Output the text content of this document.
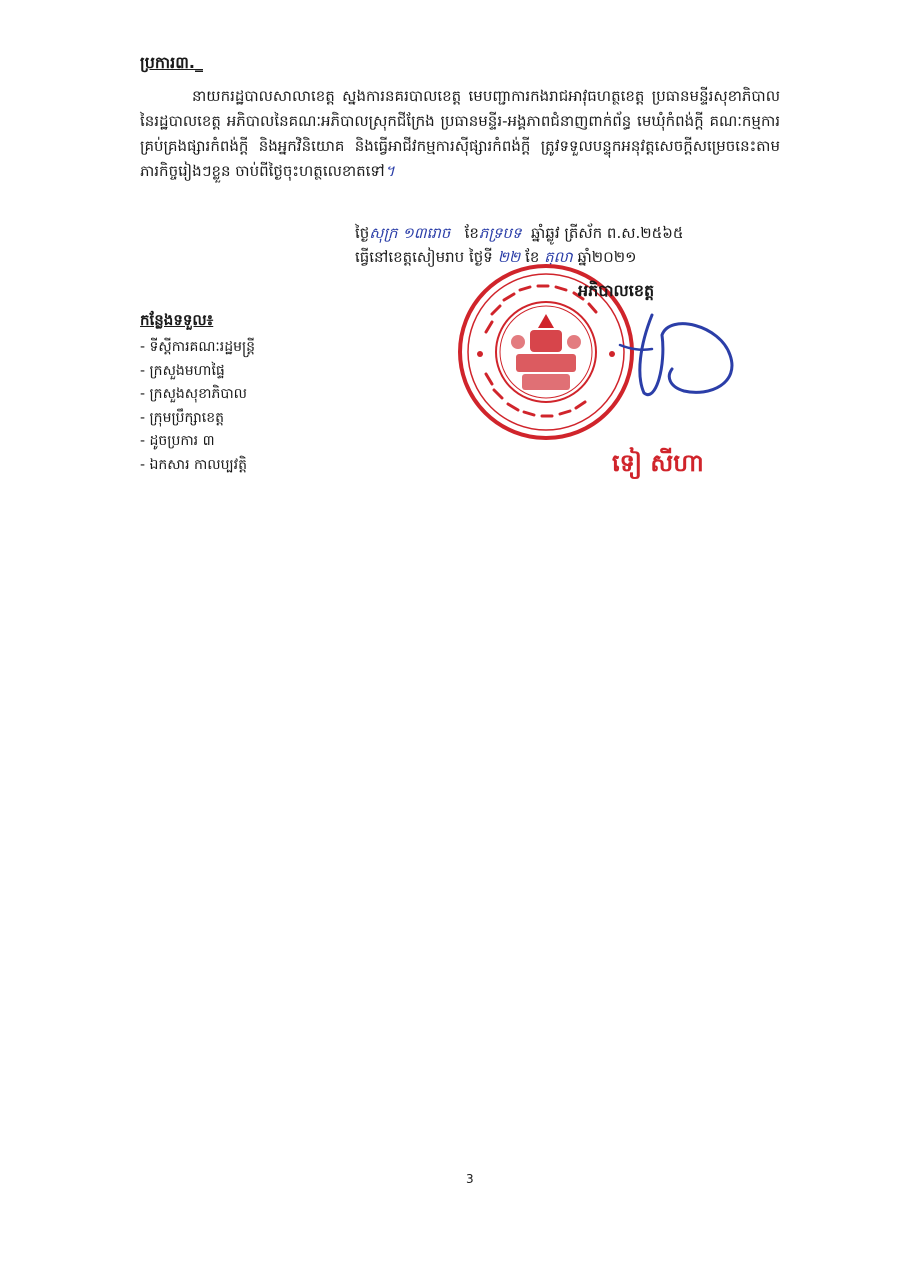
ប្រការ៣._
នាយករដ្ឋបាលសាលាខេត្ត ស្នងការនគរបាលខេត្ត មេបញ្ជាការកងរាជអាវុធហត្ថខេត្ត ប្រធានមន្ទីរសុខាភិបាលនៃរដ្ឋបាលខេត្ត អភិបាលនៃគណៈអភិបាលស្រុកជីក្រែង ប្រធានមន្ទីរ-អង្គភាពជំនាញពាក់ព័ន្ធ មេឃុំកំពង់ក្តី គណៈកម្មការគ្រប់គ្រងផ្សារកំពង់ក្តី និងអ្នកវិនិយោគ និងធ្វើអាជីវកម្មការសុីផ្សារកំពង់ក្តី ត្រូវទទួលបន្ទុកអនុវត្តសេចក្តីសម្រេចនេះតាមភារកិច្ចរៀងៗខ្លួន ចាប់ពីថ្ងៃចុះហត្ថលេខាតទៅ។
ថ្ងៃសុក្រ ១៣រោច ខែភទ្របទ ឆ្នាំឆ្លូវ ត្រីស័ក ព.ស.២៥៦៥
ធ្វើនៅខេត្តសៀមរាប ថ្ងៃទី ២២ ខែ តុលា ឆ្នាំ២០២១
អភិបាលខេត្ត
ទៀ សីហា
កន្លែងទទួល៖
- ទីស្តីការគណៈរដ្ឋមន្ត្រី
- ក្រសួងមហាផ្ទៃ
- ក្រសួងសុខាភិបាល
- ក្រុមប្រឹក្សាខេត្ត
- ដូចប្រការ ៣
- ឯកសារ កាលប្បវត្តិ
3
